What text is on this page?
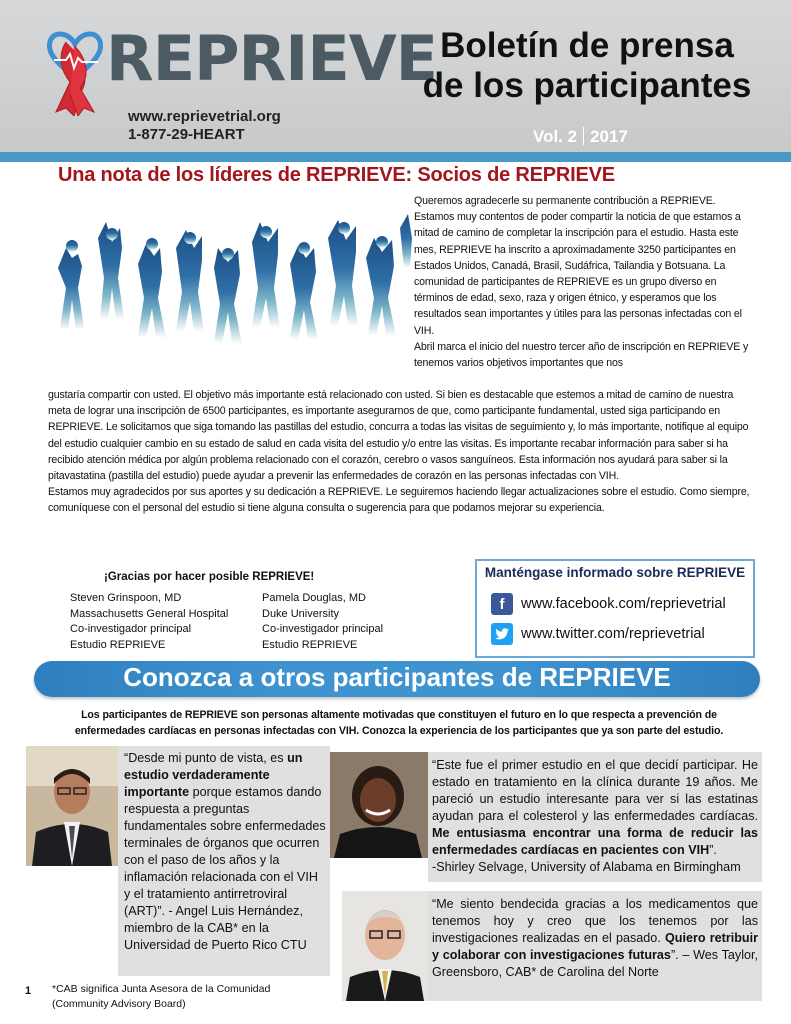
REPRIEVE
www.reprievetrial.org
1-877-29-HEART
Boletín de prensa
de los participantes
Vol. 2 2017
Una nota de los líderes de REPRIEVE: Socios de REPRIEVE
Queremos agradecerle su permanente contribución a REPRIEVE. Estamos muy contentos de poder compartir la noticia de que estamos a mitad de camino de completar la inscripción para el estudio. Hasta este mes, REPRIEVE ha inscrito a aproximadamente 3250 participantes en Estados Unidos, Canadá, Brasil, Sudáfrica, Tailandia y Botsuana. La comunidad de participantes de REPRIEVE es un grupo diverso en términos de edad, sexo, raza y origen étnico, y esperamos que los resultados sean importantes y útiles para las personas infectadas con el VIH.
Abril marca el inicio del nuestro tercer año de inscripción en REPRIEVE y tenemos varios objetivos importantes que nos
gustaría compartir con usted. El objetivo más importante está relacionado con usted. Si bien es destacable que estemos a mitad de camino de nuestra meta de lograr una inscripción de 6500 participantes, es importante asegurarnos de que, como participante fundamental, usted siga participando en REPRIEVE. Le solicitamos que siga tomando las pastillas del estudio, concurra a todas las visitas de seguimiento y, lo más importante, notifique al equipo del estudio cualquier cambio en su estado de salud en cada visita del estudio y/o entre las visitas. Es importante recabar información para saber si ha recibido atención médica por algún problema relacionado con el corazón, cerebro o vasos sanguíneos. Esta información nos ayudará para saber si la pitavastatina (pastilla del estudio) puede ayudar a prevenir las enfermedades de corazón en las personas infectadas con VIH.
Estamos muy agradecidos por sus aportes y su dedicación a REPRIEVE. Le seguiremos haciendo llegar actualizaciones sobre el estudio. Como siempre, comuníquese con el personal del estudio si tiene alguna consulta o sugerencia para que podamos mejorar su experiencia.
¡Gracias por hacer posible REPRIEVE!
Steven Grinspoon, MD
Massachusetts General Hospital
Co-investigador principal
Estudio REPRIEVE
Pamela Douglas, MD
Duke University
Co-investigador principal
Estudio REPRIEVE
Manténgase informado sobre REPRIEVE
f	www.facebook.com/reprievetrial
www.twitter.com/reprievetrial
Conozca a otros participantes de REPRIEVE
Los participantes de REPRIEVE son personas altamente motivadas que constituyen el futuro en lo que respecta a prevención de enfermedades cardíacas en personas infectadas con VIH. Conozca la experiencia de los participantes que ya son parte del estudio.
“Desde mi punto de vista, es un estudio verdaderamente importante porque estamos dando respuesta a preguntas fundamentales sobre enfermedades terminales de órganos que ocurren con el paso de los años y la inflamación relacionada con el VIH y el tratamiento antirretroviral (ART)”. - Angel Luis Hernández, miembro de la CAB* en la Universidad de Puerto Rico CTU
“Este fue el primer estudio en el que decidí participar. He estado en tratamiento en la clínica durante 19 años. Me pareció un estudio interesante para ver si las estatinas ayudan para el colesterol y las enfermedades cardíacas. Me entusiasma encontrar una forma de reducir las enfermedades cardíacas en pacientes con VIH”.
-Shirley Selvage, University of Alabama en Birmingham
“Me siento bendecida gracias a los medicamentos que tenemos hoy y creo que los tenemos por las investigaciones realizadas en el pasado. Quiero retribuir y colaborar con investigaciones futuras”. – Wes Taylor, Greensboro, CAB* de Carolina del Norte
1 *CAB significa Junta Asesora de la Comunidad (Community Advisory Board)
